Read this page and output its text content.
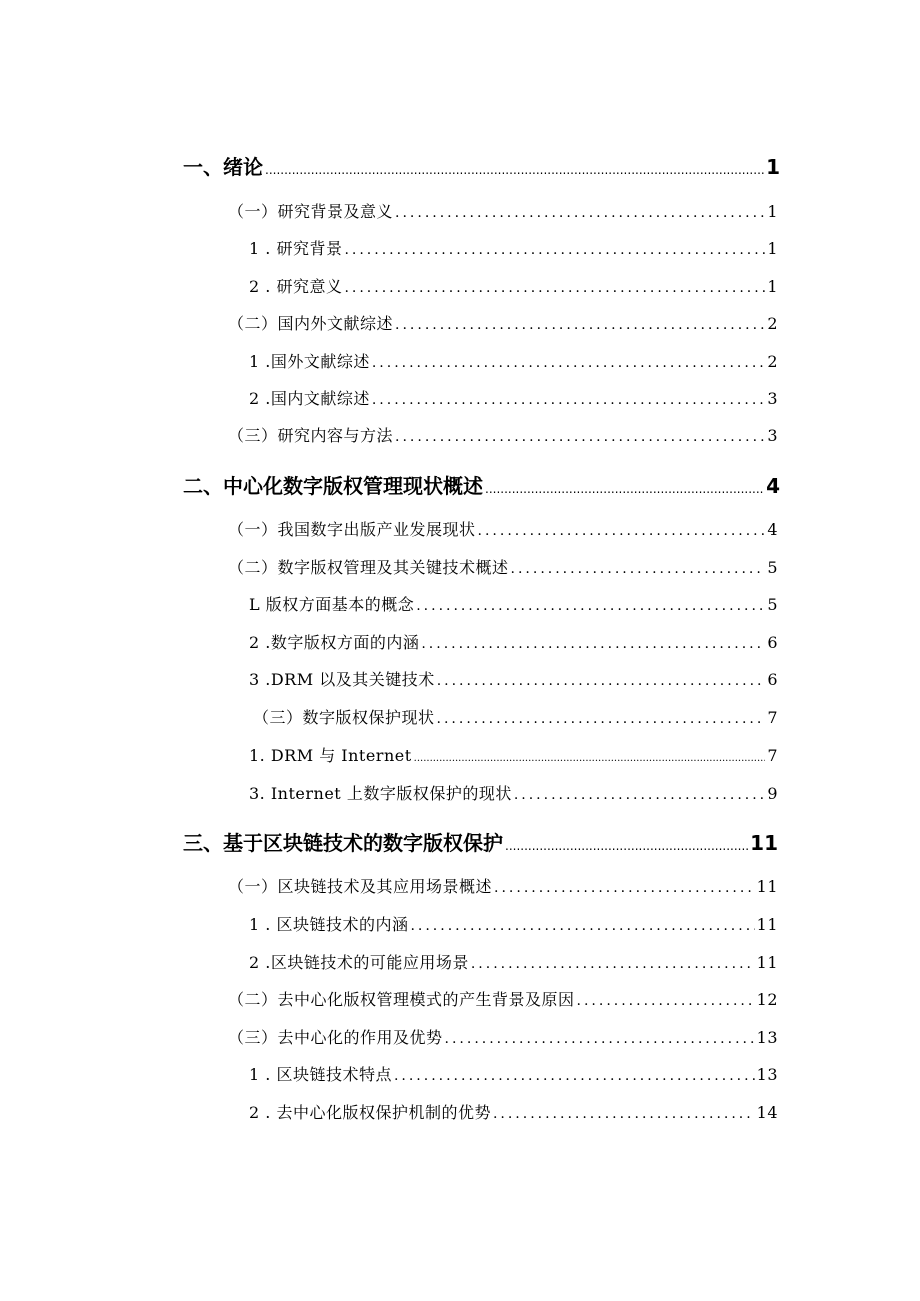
一、绪论 .....	1
（一）研究背景及意义 .....	1
1 . 研究背景 .....	1
2 . 研究意义 .....	1
（二）国内外文献综述 .....	2
1 .国外文献综述 .....	2
2 .国内文献综述 .....	3
（三）研究内容与方法 .....	3
二、中心化数字版权管理现状概述 .....	4
（一）我国数字出版产业发展现状 .....	4
（二）数字版权管理及其关键技术概述 .....	5
L 版权方面基本的概念 .....	5
2 .数字版权方面的内涵 .....	6
3 .DRM 以及其关键技术 .....	6
（三）数字版权保护现状 .....	7
1. DRM 与 Internet .....	7
3. Internet 上数字版权保护的现状 .....	9
三、基于区块链技术的数字版权保护 .....	11
（一）区块链技术及其应用场景概述 .....	11
1 . 区块链技术的内涵 .....	11
2 .区块链技术的可能应用场景 .....	11
（二）去中心化版权管理模式的产生背景及原因 .....	12
（三）去中心化的作用及优势 .....	13
1 . 区块链技术特点 .....	13
2 . 去中心化版权保护机制的优势 .....	14
